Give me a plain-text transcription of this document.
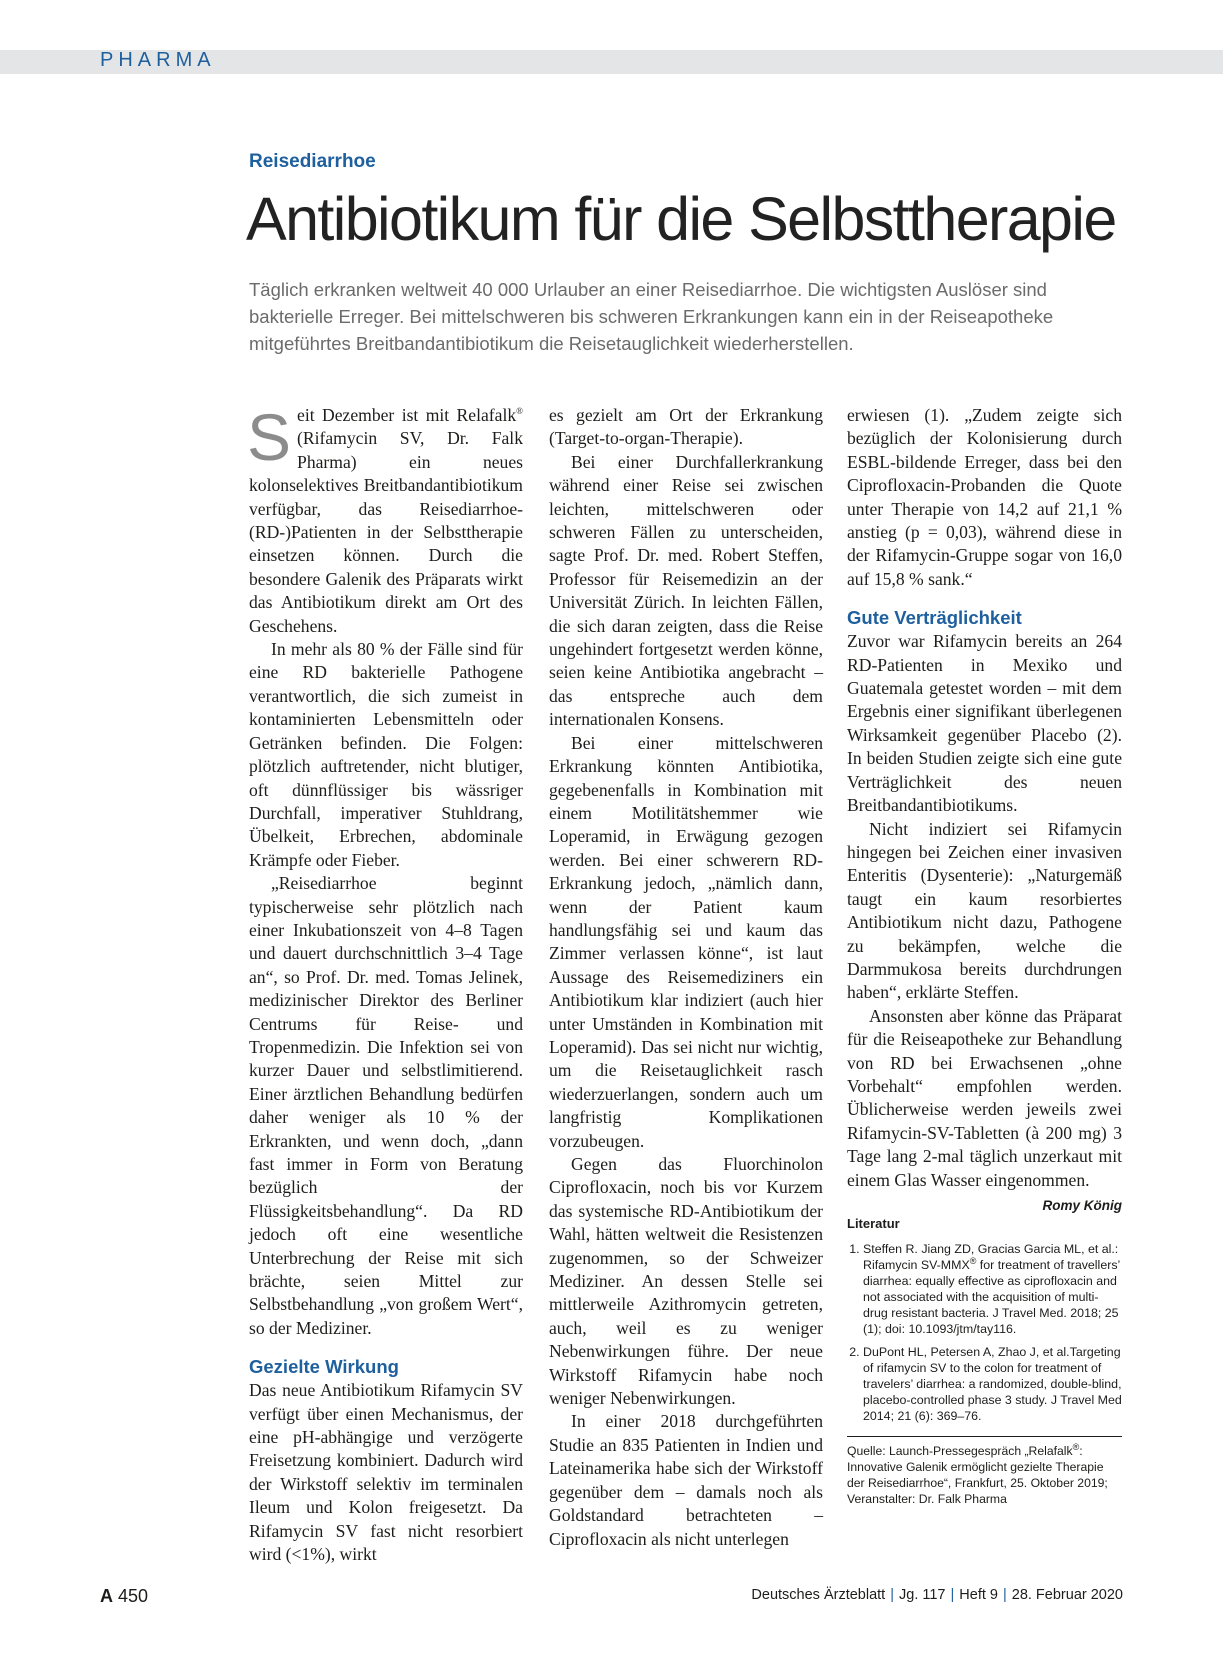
PHARMA
Reisediarrhoe
Antibiotikum für die Selbsttherapie

Täglich erkranken weltweit 40 000 Urlauber an einer Reisediarrhoe. Die wichtigsten Auslöser sind bakterielle Erreger. Bei mittelschweren bis schweren Erkrankungen kann ein in der Reiseapotheke mitgeführtes Breitbandantibiotikum die Reisetauglichkeit wiederherstellen.

Seit Dezember ist mit Relafalk® (Rifamycin SV, Dr. Falk Pharma) ein neues kolonselektives Breitbandantibiotikum verfügbar, das Reisediarrhoe-(RD-)Patienten in der Selbsttherapie einsetzen können. Durch die besondere Galenik des Präparats wirkt das Antibiotikum direkt am Ort des Geschehens.

In mehr als 80 % der Fälle sind für eine RD bakterielle Pathogene verantwortlich, die sich zumeist in kontaminierten Lebensmitteln oder Getränken befinden. Die Folgen: plötzlich auftretender, nicht blutiger, oft dünnflüssiger bis wässriger Durchfall, imperativer Stuhldrang, Übelkeit, Erbrechen, abdominale Krämpfe oder Fieber.

„Reisediarrhoe beginnt typischerweise sehr plötzlich nach einer Inkubationszeit von 4–8 Tagen und dauert durchschnittlich 3–4 Tage an“, so Prof. Dr. med. Tomas Jelinek, medizinischer Direktor des Berliner Centrums für Reise- und Tropenmedizin. Die Infektion sei von kurzer Dauer und selbstlimitierend. Einer ärztlichen Behandlung bedürfen daher weniger als 10 % der Erkrankten, und wenn doch, „dann fast immer in Form von Beratung bezüglich der Flüssigkeitsbehandlung“. Da RD jedoch oft eine wesentliche Unterbrechung der Reise mit sich brächte, seien Mittel zur Selbstbehandlung „von großem Wert“, so der Mediziner.

Gezielte Wirkung

Das neue Antibiotikum Rifamycin SV verfügt über einen Mechanismus, der eine pH-abhängige und verzögerte Freisetzung kombiniert. Dadurch wird der Wirkstoff selektiv im terminalen Ileum und Kolon freigesetzt. Da Rifamycin SV fast nicht resorbiert wird (<1%), wirkt

es gezielt am Ort der Erkrankung (Target-to-organ-Therapie).

Bei einer Durchfallerkrankung während einer Reise sei zwischen leichten, mittelschweren oder schweren Fällen zu unterscheiden, sagte Prof. Dr. med. Robert Steffen, Professor für Reisemedizin an der Universität Zürich. In leichten Fällen, die sich daran zeigten, dass die Reise ungehindert fortgesetzt werden könne, seien keine Antibiotika angebracht – das entspreche auch dem internationalen Konsens.

Bei einer mittelschweren Erkrankung könnten Antibiotika, gegebenenfalls in Kombination mit einem Motilitätshemmer wie Loperamid, in Erwägung gezogen werden. Bei einer schwerern RD-Erkrankung jedoch, „nämlich dann, wenn der Patient kaum handlungsfähig sei und kaum das Zimmer verlassen könne“, ist laut Aussage des Reisemediziners ein Antibiotikum klar indiziert (auch hier unter Umständen in Kombination mit Loperamid). Das sei nicht nur wichtig, um die Reisetauglichkeit rasch wiederzuerlangen, sondern auch um langfristig Komplikationen vorzubeugen.

Gegen das Fluorchinolon Ciprofloxacin, noch bis vor Kurzem das systemische RD-Antibiotikum der Wahl, hätten weltweit die Resistenzen zugenommen, so der Schweizer Mediziner. An dessen Stelle sei mittlerweile Azithromycin getreten, auch, weil es zu weniger Nebenwirkungen führe. Der neue Wirkstoff Rifamycin habe noch weniger Nebenwirkungen.

In einer 2018 durchgeführten Studie an 835 Patienten in Indien und Lateinamerika habe sich der Wirkstoff gegenüber dem – damals noch als Goldstandard betrachteten – Ciprofloxacin als nicht unterlegen

erwiesen (1). „Zudem zeigte sich bezüglich der Kolonisierung durch ESBL-bildende Erreger, dass bei den Ciprofloxacin-Probanden die Quote unter Therapie von 14,2 auf 21,1 % anstieg (p = 0,03), während diese in der Rifamycin-Gruppe sogar von 16,0 auf 15,8 % sank.“

Gute Verträglichkeit

Zuvor war Rifamycin bereits an 264 RD-Patienten in Mexiko und Guatemala getestet worden – mit dem Ergebnis einer signifikant überlegenen Wirksamkeit gegenüber Placebo (2). In beiden Studien zeigte sich eine gute Verträglichkeit des neuen Breitbandantibiotikums.

Nicht indiziert sei Rifamycin hingegen bei Zeichen einer invasiven Enteritis (Dysenterie): „Naturgemäß taugt ein kaum resorbiertes Antibiotikum nicht dazu, Pathogene zu bekämpfen, welche die Darmmukosa bereits durchdrungen haben“, erklärte Steffen.

Ansonsten aber könne das Präparat für die Reiseapotheke zur Behandlung von RD bei Erwachsenen „ohne Vorbehalt“ empfohlen werden. Üblicherweise werden jeweils zwei Rifamycin-SV-Tabletten (à 200 mg) 3 Tage lang 2-mal täglich unzerkaut mit einem Glas Wasser eingenommen.
Romy König

Literatur
1. Steffen R. Jiang ZD, Gracias Garcia ML, et al.: Rifamycin SV-MMX® for treatment of travellers’ diarrhea: equally effective as ciprofloxacin and not associated with the acquisition of multi-drug resistant bacteria. J Travel Med. 2018; 25 (1); doi: 10.1093/jtm/tay116.
2. DuPont HL, Petersen A, Zhao J, et al.Targeting of rifamycin SV to the colon for treatment of travelers’ diarrhea: a randomized, double-blind, placebo-controlled phase 3 study. J Travel Med 2014; 21 (6): 369–76.
Quelle: Launch-Pressegespräch „Relafalk®: Innovative Galenik ermöglicht gezielte Therapie der Reisediarrhoe“, Frankfurt, 25. Oktober 2019; Veranstalter: Dr. Falk Pharma
A 450	Deutsches Ärzteblatt | Jg. 117 | Heft 9 | 28. Februar 2020
